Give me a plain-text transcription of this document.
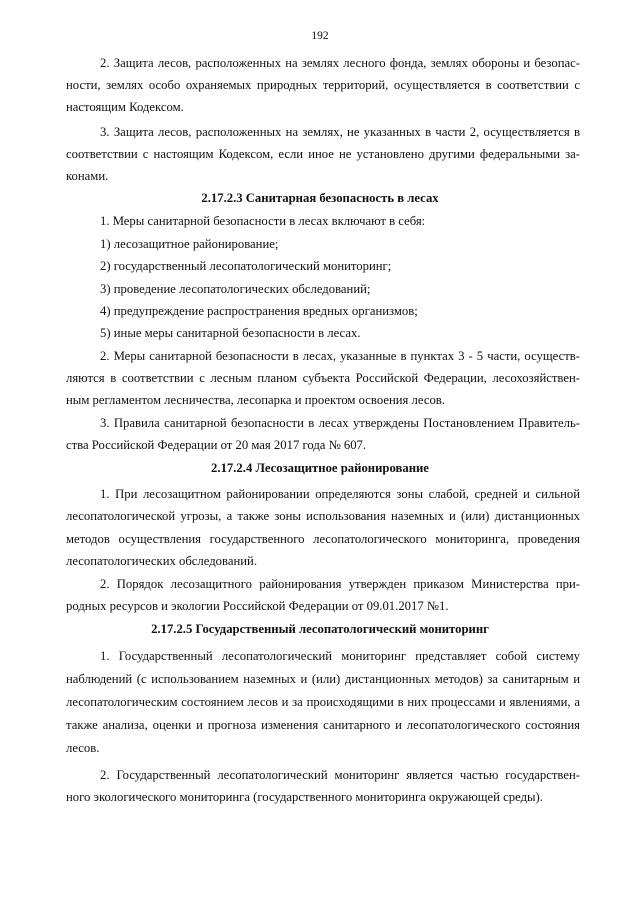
192

2. Защита лесов, расположенных на землях лесного фонда, землях обороны и безопас-

ности, землях особо охраняемых природных территорий, осуществляется в соответствии с

настоящим Кодексом.

3. Защита лесов, расположенных на землях, не указанных в части 2, осуществляется в

соответствии с настоящим Кодексом, если иное не установлено другими федеральными за-

конами.

2.17.2.3 Санитарная безопасность в лесах

1. Меры санитарной безопасности в лесах включают в себя:

1) лесозащитное районирование;

2) государственный лесопатологический мониторинг;

3) проведение лесопатологических обследований;

4) предупреждение распространения вредных организмов;

5) иные меры санитарной безопасности в лесах.

2. Меры санитарной безопасности в лесах, указанные в пунктах 3 - 5 части, осуществ-

ляются в соответствии с лесным планом субъекта Российской Федерации, лесохозяйствен-

ным регламентом лесничества, лесопарка и проектом освоения лесов.

3. Правила санитарной безопасности в лесах утверждены Постановлением Правитель-

ства Российской Федерации от 20 мая 2017 года № 607.

2.17.2.4 Лесозащитное районирование

1. При лесозащитном районировании определяются зоны слабой, средней и сильной

лесопатологической угрозы, а также зоны использования наземных и (или) дистанционных

методов осуществления государственного лесопатологического мониторинга, проведения

лесопатологических обследований.

2. Порядок лесозащитного районирования утвержден приказом Министерства при-

родных ресурсов и экологии Российской Федерации от 09.01.2017 №1.

2.17.2.5 Государственный лесопатологический мониторинг

1. Государственный лесопатологический мониторинг представляет собой систему

наблюдений (с использованием наземных и (или) дистанционных методов) за санитарным и

лесопатологическим состоянием лесов и за происходящими в них процессами и явлениями, а

также анализа, оценки и прогноза изменения санитарного и лесопатологического состояния

лесов.

2. Государственный лесопатологический мониторинг является частью государствен-

ного экологического мониторинга (государственного мониторинга окружающей среды).
